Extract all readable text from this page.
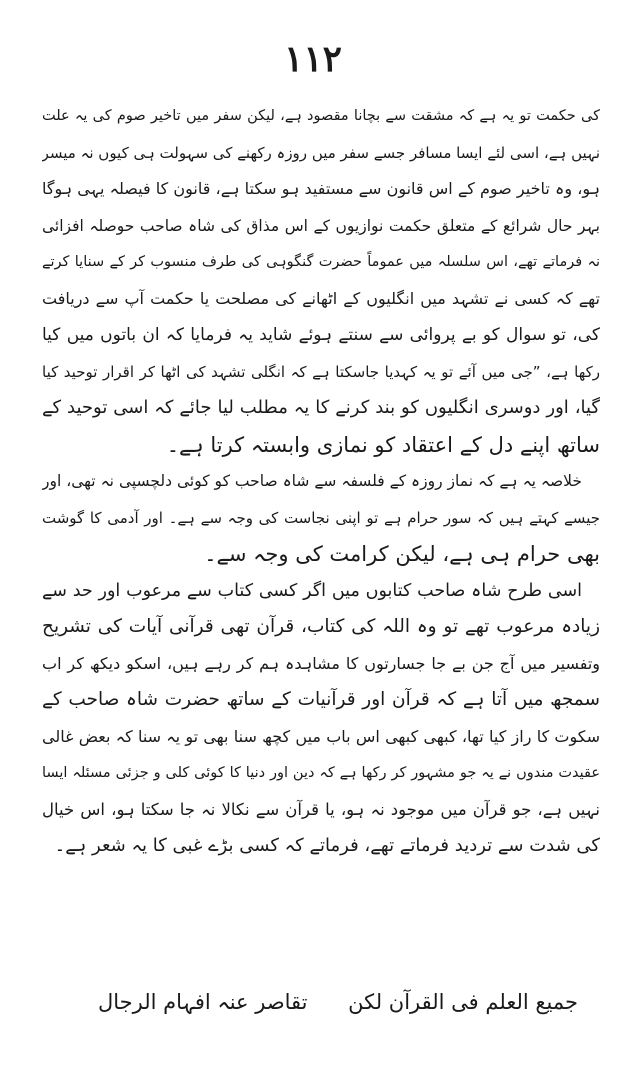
۱۱۲
کی حکمت تو یہ ہے کہ مشقت سے بچانا مقصود ہے، لیکن سفر میں تاخیر صوم کی یہ علت
نہیں ہے، اسی لئے ایسا مسافر جسے سفر میں روزہ رکھنے کی سہولت ہی کیوں نہ میسر
ہو، وہ تاخیر صوم کے اس قانون سے مستفید ہو سکتا ہے، قانون کا فیصلہ یہی ہوگا
بہر حال شرائع کے متعلق حکمت نوازیوں کے اس مذاق کی شاہ صاحب حوصلہ افزائی
نہ فرماتے تھے، اس سلسلہ میں عموماً حضرت گنگوہی کی طرف منسوب کر کے سنایا کرتے
تھے کہ کسی نے تشہد میں انگلیوں کے اٹھانے کی مصلحت یا حکمت آپ سے دریافت
کی، تو سوال کو بے پروائی سے سنتے ہوئے شاید یہ فرمایا کہ ان باتوں میں کیا
رکھا ہے، ”جی میں آئے تو یہ کہدیا جاسکتا ہے کہ انگلی تشہد کی اٹھا کر اقرار توحید کیا
گیا، اور دوسری انگلیوں کو بند کرنے کا یہ مطلب لیا جائے کہ اسی توحید کے
ساتھ اپنے دل کے اعتقاد کو نمازی وابستہ کرتا ہے۔
خلاصہ یہ ہے کہ نماز روزہ کے فلسفہ سے شاہ صاحب کو کوئی دلچسپی نہ تھی، اور
جیسے کہتے ہیں کہ سور حرام ہے تو اپنی نجاست کی وجہ سے ہے۔ اور آدمی کا گوشت
بھی حرام ہی ہے، لیکن کرامت کی وجہ سے۔
اسی طرح شاہ صاحب کتابوں میں اگر کسی کتاب سے مرعوب اور حد سے
زیادہ مرعوب تھے تو وہ اللہ کی کتاب، قرآن تھی قرآنی آیات کی تشریح
وتفسیر میں آج جن بے جا جسارتوں کا مشاہدہ ہم کر رہے ہیں، اسکو دیکھ کر اب
سمجھ میں آتا ہے کہ قرآن اور قرآنیات کے ساتھ حضرت شاہ صاحب کے
سکوت کا راز کیا تھا، کبھی کبھی اس باب میں کچھ سنا بھی تو یہ سنا کہ بعض غالی
عقیدت مندوں نے یہ جو مشہور کر رکھا ہے کہ دین اور دنیا کا کوئی کلی و جزئی مسئلہ ایسا
نہیں ہے، جو قرآن میں موجود نہ ہو، یا قرآن سے نکالا نہ جا سکتا ہو، اس خیال
کی شدت سے تردید فرماتے تھے، فرماتے کہ کسی بڑے غبی کا یہ شعر ہے۔
جمیع العلم فی القرآن لکن
تقاصر عنہ افہام الرجال
